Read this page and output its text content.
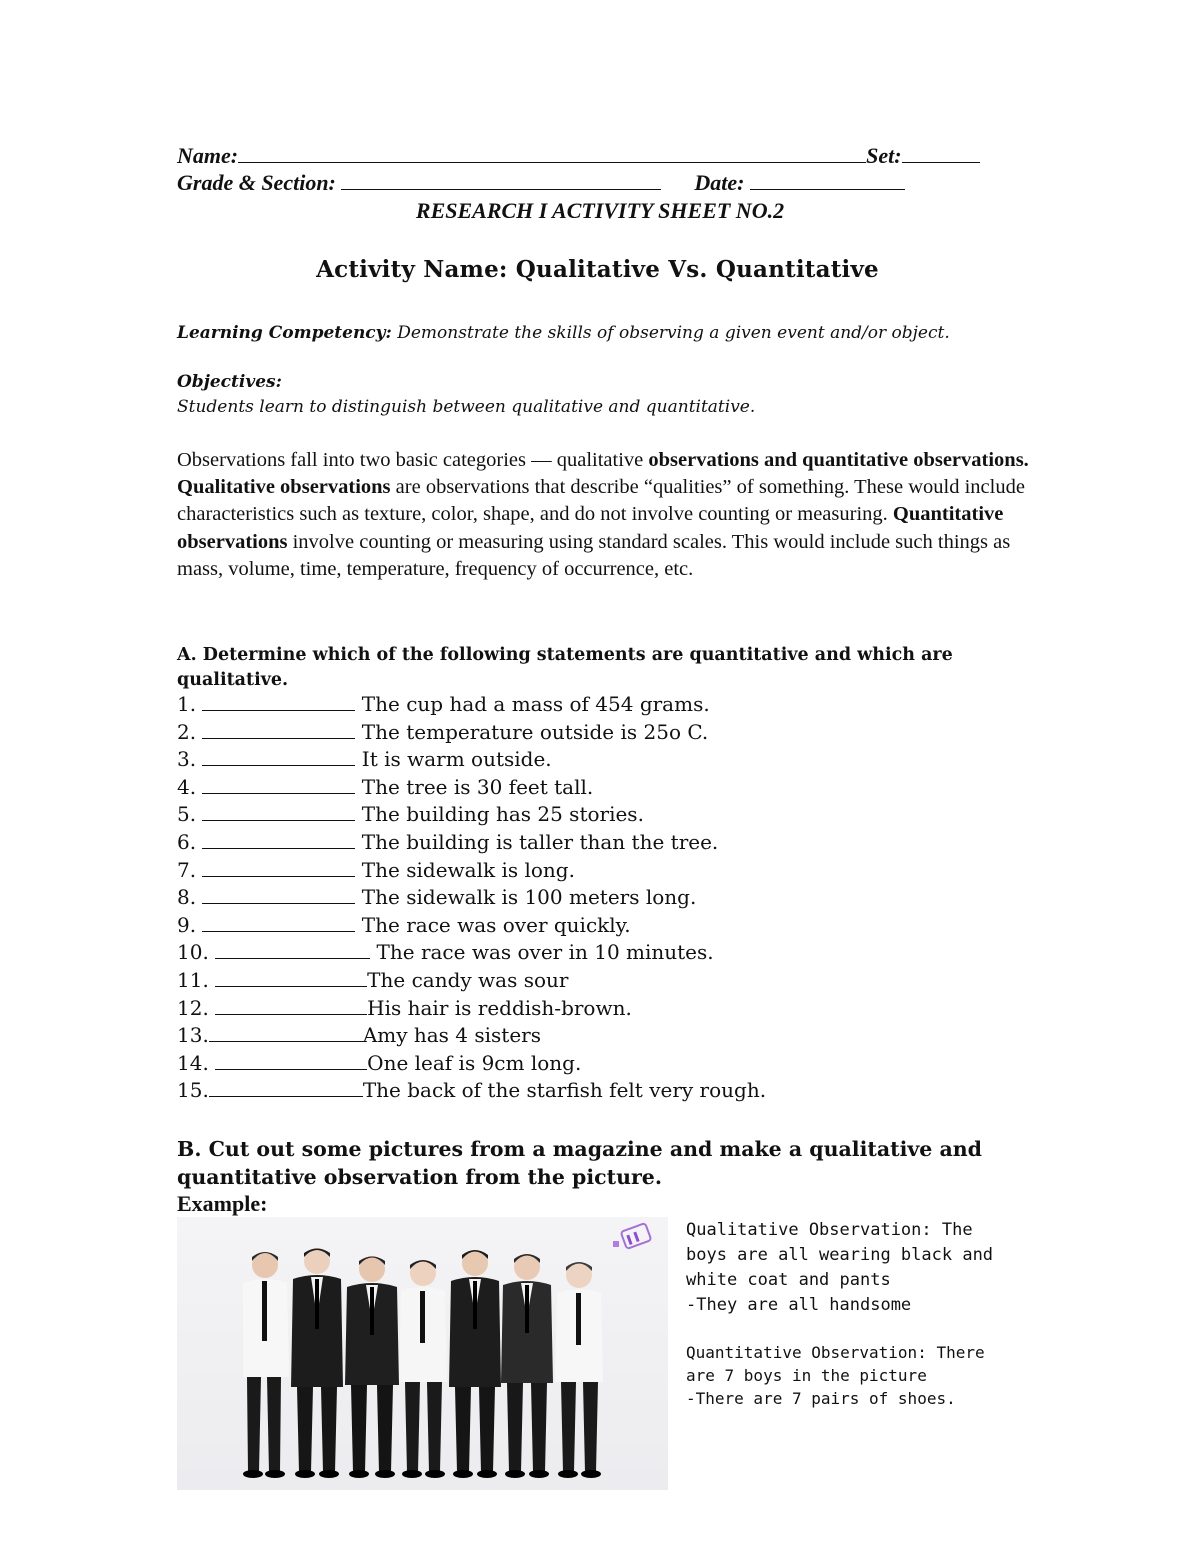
Name:	Set:
Grade & Section:	Date:
RESEARCH I ACTIVITY SHEET NO.2
Activity Name: Qualitative Vs. Quantitative
Learning Competency: Demonstrate the skills of observing a given event and/or object.
Objectives:
Students learn to distinguish between qualitative and quantitative.
Observations fall into two basic categories — qualitative observations and quantitative observations. Qualitative observations are observations that describe “qualities” of something. These would include characteristics such as texture, color, shape, and do not involve counting or measuring. Quantitative observations involve counting or measuring using standard scales. This would include such things as mass, volume, time, temperature, frequency of occurrence, etc.
A. Determine which of the following statements are quantitative and which are qualitative.
1.	The cup had a mass of 454 grams.
2.	The temperature outside is 25o C.
3.	It is warm outside.
4.	The tree is 30 feet tall.
5.	The building has 25 stories.
6.	The building is taller than the tree.
7.	The sidewalk is long.
8.	The sidewalk is 100 meters long.
9.	The race was over quickly.
10.	The race was over in 10 minutes.
11.	The candy was sour
12.	His hair is reddish-brown.
13.	Amy has 4 sisters
14.	One leaf is 9cm long.
15.	The back of the starfish felt very rough.
B. Cut out some pictures from a magazine and make a qualitative and quantitative observation from the picture.
Example:
Qualitative Observation: The boys are all wearing black and white coat and pants
-They are all handsome
Quantitative Observation: There are 7 boys in the picture
-There are 7 pairs of shoes.
